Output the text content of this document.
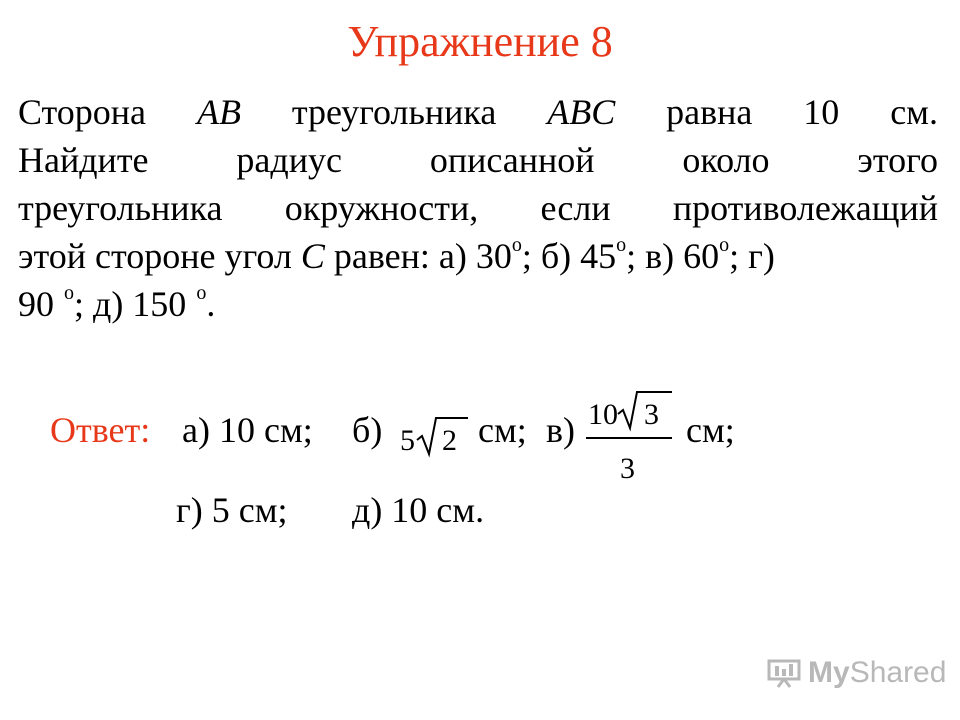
Упражнение 8
Сторона AB треугольника ABC равна 10 см.
Найдите радиус описанной около этого
треугольника окружности, если противолежащий
этой стороне угол C равен: а) $30^о$; б) $45^о$; в) $60^о$; г)
90 $^о$; д) 150 $^о$.
Ответ: а) 10 см; б) 5 2 см; в) 10 3
3
см;
г) 5 см; д) 10 см.
My Shared
